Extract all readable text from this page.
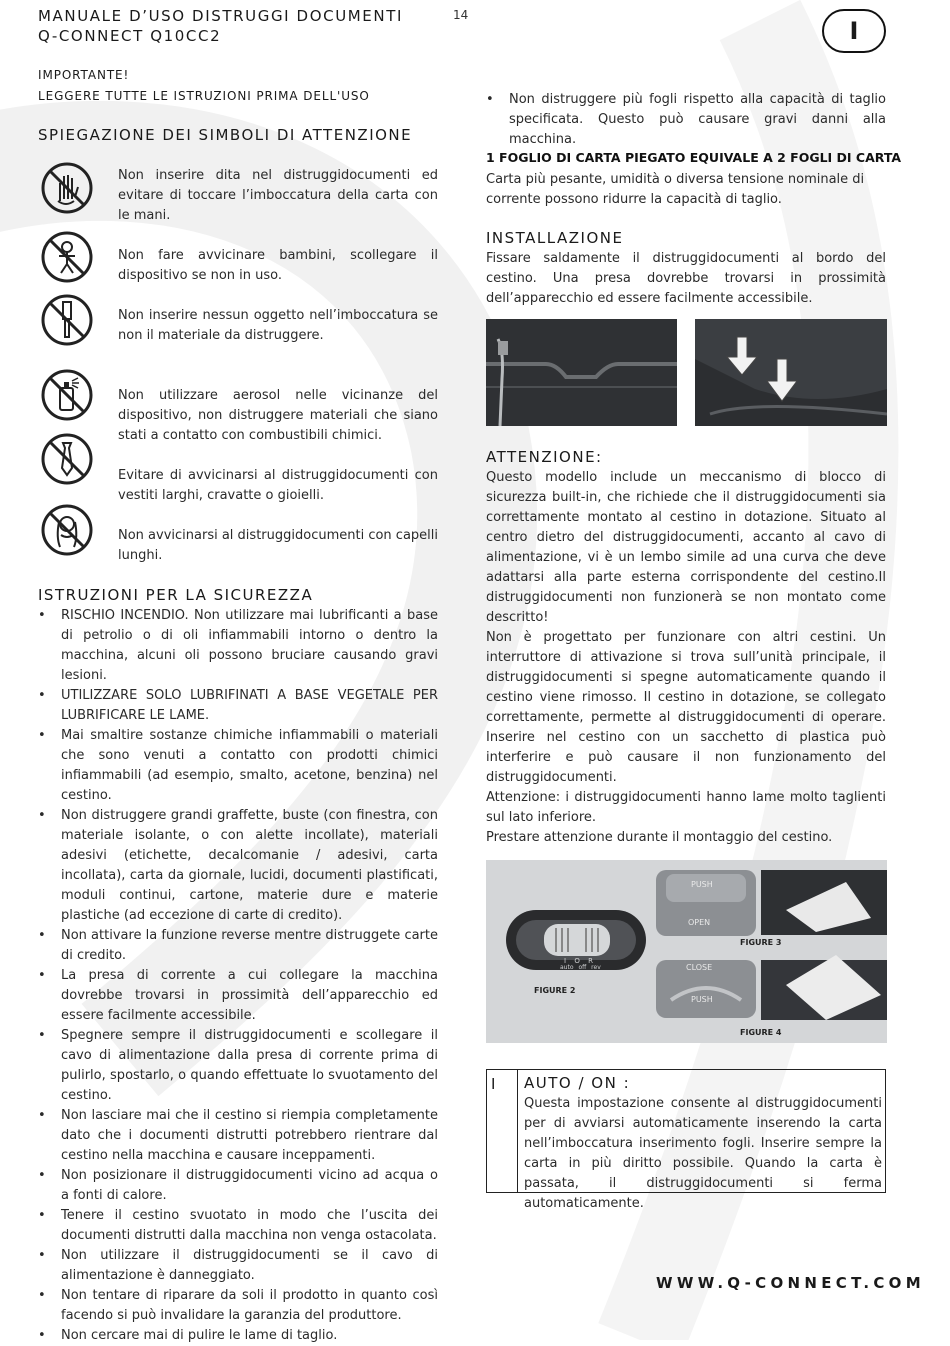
MANUALE D’USO DISTRUGGI DOCUMENTI
Q-CONNECT Q10CC2
14
I
IMPORTANTE!
LEGGERE TUTTE LE ISTRUZIONI PRIMA DELL'USO
SPIEGAZIONE DEI SIMBOLI DI ATTENZIONE
Non inserire dita nel distruggidocumenti ed evitare di toccare l’imboccatura della carta con le mani.
Non fare avvicinare bambini, scollegare il dispositivo se non in uso.
Non inserire nessun oggetto nell’imboccatura se non il materiale da distruggere.
Non utilizzare aerosol nelle vicinanze del dispositivo, non distruggere materiali che siano stati a contatto con combustibili chimici.
Evitare di avvicinarsi al distruggidocumenti con vestiti larghi, cravatte o gioielli.
Non avvicinarsi al distruggidocumenti con capelli lunghi.
ISTRUZIONI PER LA SICUREZZA
• RISCHIO INCENDIO. Non utilizzare mai lubrificanti a base di petrolio o di oli infiammabili intorno o dentro la macchina, alcuni oli possono bruciare causando gravi lesioni.
• UTILIZZARE SOLO LUBRIFINATI A BASE VEGETALE PER LUBRIFICARE LE LAME.
• Mai smaltire sostanze chimiche infiammabili o materiali che sono venuti a contatto con prodotti chimici infiammabili (ad esempio, smalto, acetone, benzina) nel cestino.
• Non distruggere grandi graffette, buste (con finestra, con materiale isolante, o con alette incollate), materiali adesivi (etichette, decalcomanie / adesivi, carta incollata), carta da giornale, lucidi, documenti plastificati, moduli continui, cartone, materie dure e materie plastiche (ad eccezione di carte di credito).
• Non attivare la funzione reverse mentre distruggete carte di credito.
• La presa di corrente a cui collegare la macchina dovrebbe trovarsi in prossimità dell’apparecchio ed essere facilmente accessibile.
• Spegnere sempre il distruggidocumenti e scollegare il cavo di alimentazione dalla presa di corrente prima di pulirlo, spostarlo, o quando effettuate lo svuotamento del cestino.
• Non lasciare mai che il cestino si riempia completamente dato che i documenti distrutti potrebbero rientrare dal cestino nella macchina e causare inceppamenti.
• Non posizionare il distruggidocumenti vicino ad acqua o a fonti di calore.
• Tenere il cestino svuotato in modo che l’uscita dei documenti distrutti dalla macchina non venga ostacolata.
• Non utilizzare il distruggidocumenti se il cavo di alimentazione è danneggiato.
• Non tentare di riparare da soli il prodotto in quanto così facendo si può invalidare la garanzia del produttore.
• Non cercare mai di pulire le lame di taglio.
• Non distruggere più fogli rispetto alla capacità di taglio specificata. Questo può causare gravi danni alla macchina.
1 FOGLIO DI CARTA PIEGATO EQUIVALE A 2 FOGLI DI CARTA
Carta più pesante, umidità o diversa tensione nominale di corrente possono ridurre la capacità di taglio.
INSTALLAZIONE
Fissare saldamente il distruggidocumenti al bordo del cestino. Una presa dovrebbe trovarsi in prossimità dell’apparecchio ed essere facilmente accessibile.
ATTENZIONE:
Questo modello include un meccanismo di blocco di sicurezza built-in, che richiede che il distruggidocumenti sia correttamente montato al cestino in dotazione. Situato al centro dietro del distruggidocumenti, accanto al cavo di alimentazione, vi è un lembo simile ad una curva che deve adattarsi alla parte esterna corrispondente del cestino.Il distruggidocumenti non funzionerà se non montato come descritto!
Non è progettato per funzionare con altri cestini. Un interruttore di attivazione si trova sull’unità principale, il distruggidocumenti si spegne automaticamente quando il cestino viene rimosso. Il cestino in dotazione, se collegato correttamente, permette al distruggidocumenti di operare. Inserire nel cestino con un sacchetto di plastica può interferire e può causare il non funzionamento del distruggidocumenti.
Attenzione: i distruggidocumenti hanno lame molto taglienti sul lato inferiore.
Prestare attenzione durante il montaggio del cestino.
I O R
auto off rev
FIGURE 2
PUSH
OPEN
FIGURE 3
CLOSE
PUSH
FIGURE 4
I AUTO / ON :
Questa impostazione consente al distruggidocumenti per di avviarsi automaticamente inserendo la carta nell’imboccatura inserimento fogli. Inserire sempre la carta in più diritto possibile. Quando la carta è passata, il distruggidocumenti si ferma automaticamente.
WWW.Q-CONNECT.COM
